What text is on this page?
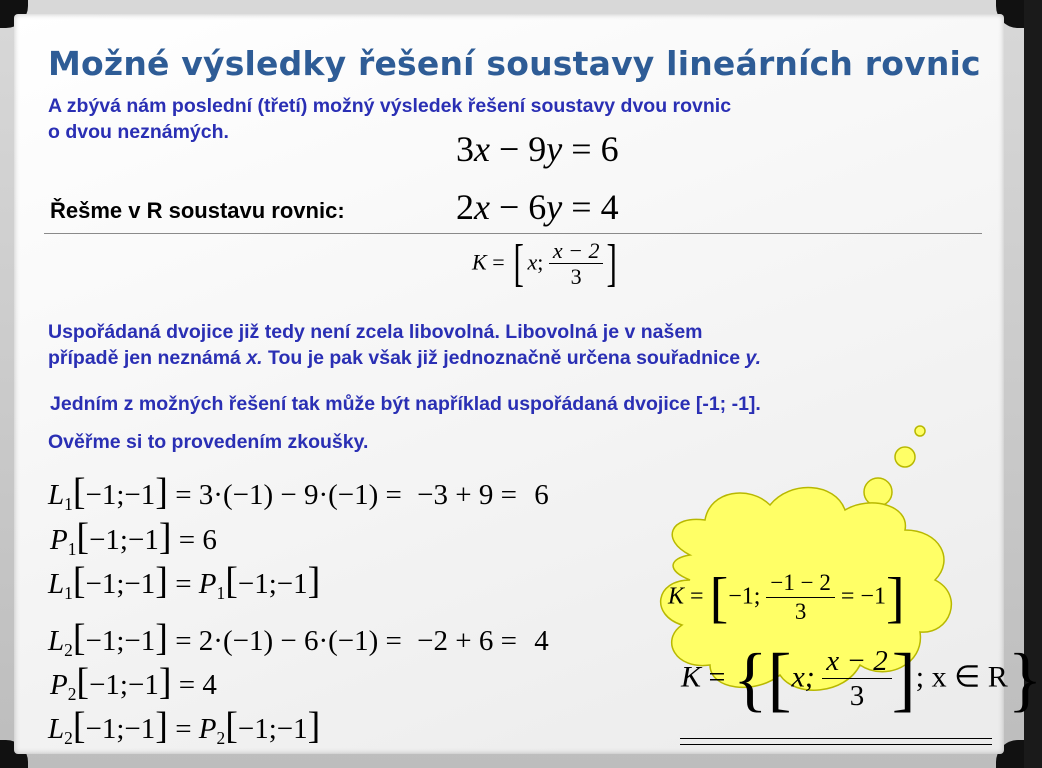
Možné výsledky řešení soustavy lineárních rovnic
A zbývá nám poslední (třetí) možný výsledek řešení soustavy dvou rovnic
o dvou neznámých.	3x − 9y = 6
Řešme v R soustavu rovnic:	2x − 6y = 4
K = [ x; $\frac{x - 2}{3}$ ]
Uspořádaná dvojice již tedy není zcela libovolná. Libovolná je v našem
případě jen neznámá x. Tou je pak však již jednoznačně určena souřadnice y.
Jedním z možných řešení tak může být například uspořádaná dvojice [-1; -1].
Ověřme si to provedením zkoušky.
$L_1[-1;-1] = 3\cdot(-1) - 9\cdot(-1) = -3 + 9 = 6$
$P_1[-1;-1] = 6$
$L_1[-1;-1]$ = $P_1[-1;-1]$
$L_2[-1;-1] = 2\cdot(-1) - 6\cdot(-1) = -2 + 6 = 4$
$P_2[-1;-1] = 4$
$L_2[-1;-1]$ = $P_2[-1;-1]$
K = [−1; $\frac{-1 - 2}{3} = -1$]
K = {[x; $\frac{x - 2}{3}$ ]; x ∈ R}
